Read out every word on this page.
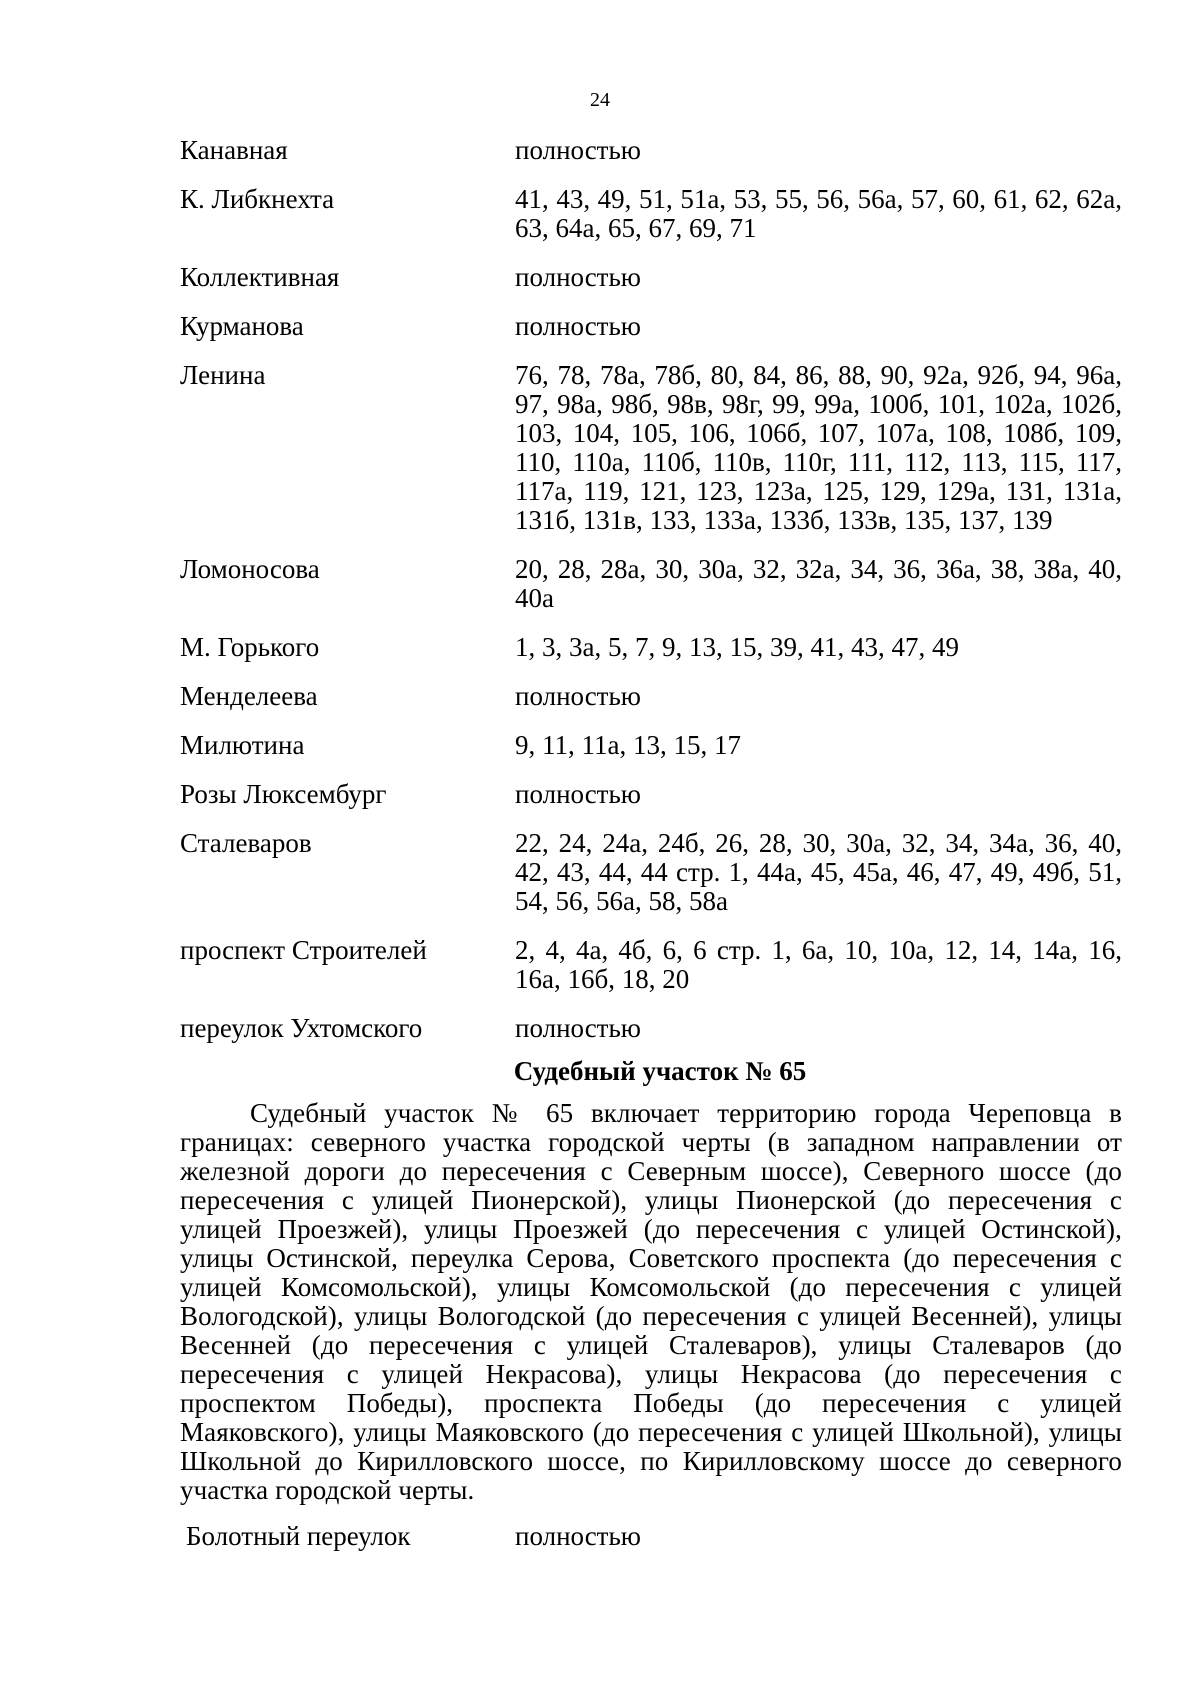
24
Канавная	полностью
К. Либкнехта	41, 43, 49, 51, 51а, 53, 55, 56, 56а, 57, 60, 61, 62, 62а, 63, 64а, 65, 67, 69, 71
Коллективная	полностью
Курманова	полностью
Ленина	76, 78, 78а, 78б, 80, 84, 86, 88, 90, 92а, 92б, 94, 96а, 97, 98а, 98б, 98в, 98г, 99, 99а, 100б, 101, 102а, 102б, 103, 104, 105, 106, 106б, 107, 107а, 108, 108б, 109, 110, 110а, 110б, 110в, 110г, 111, 112, 113, 115, 117, 117а, 119, 121, 123, 123а, 125, 129, 129а, 131, 131а, 131б, 131в, 133, 133а, 133б, 133в, 135, 137, 139
Ломоносова	20, 28, 28а, 30, 30а, 32, 32а, 34, 36, 36а, 38, 38а, 40, 40а
М. Горького	1, 3, 3а, 5, 7, 9, 13, 15, 39, 41, 43, 47, 49
Менделеева	полностью
Милютина	9, 11, 11а, 13, 15, 17
Розы Люксембург	полностью
Сталеваров	22, 24, 24а, 24б, 26, 28, 30, 30а, 32, 34, 34а, 36, 40, 42, 43, 44, 44 стр. 1, 44а, 45, 45а, 46, 47, 49, 49б, 51, 54, 56, 56а, 58, 58а
проспект Строителей	2, 4, 4а, 4б, 6, 6 стр. 1, 6а, 10, 10а, 12, 14, 14а, 16, 16а, 16б, 18, 20
переулок Ухтомского	полностью
Судебный участок № 65
Судебный участок № 65 включает территорию города Череповца в границах: северного участка городской черты (в западном направлении от железной дороги до пересечения с Северным шоссе), Северного шоссе (до пересечения с улицей Пионерской), улицы Пионерской (до пересечения с улицей Проезжей), улицы Проезжей (до пересечения с улицей Остинской), улицы Остинской, переулка Серова, Советского проспекта (до пересечения с улицей Комсомольской), улицы Комсомольской (до пересечения с улицей Вологодской), улицы Вологодской (до пересечения с улицей Весенней), улицы Весенней (до пересечения с улицей Сталеваров), улицы Сталеваров (до пересечения с улицей Некрасова), улицы Некрасова (до пересечения с проспектом Победы), проспекта Победы (до пересечения с улицей Маяковского), улицы Маяковского (до пересечения с улицей Школьной), улицы Школьной до Кирилловского шоссе, по Кирилловскому шоссе до северного участка городской черты.
Болотный переулок	полностью
